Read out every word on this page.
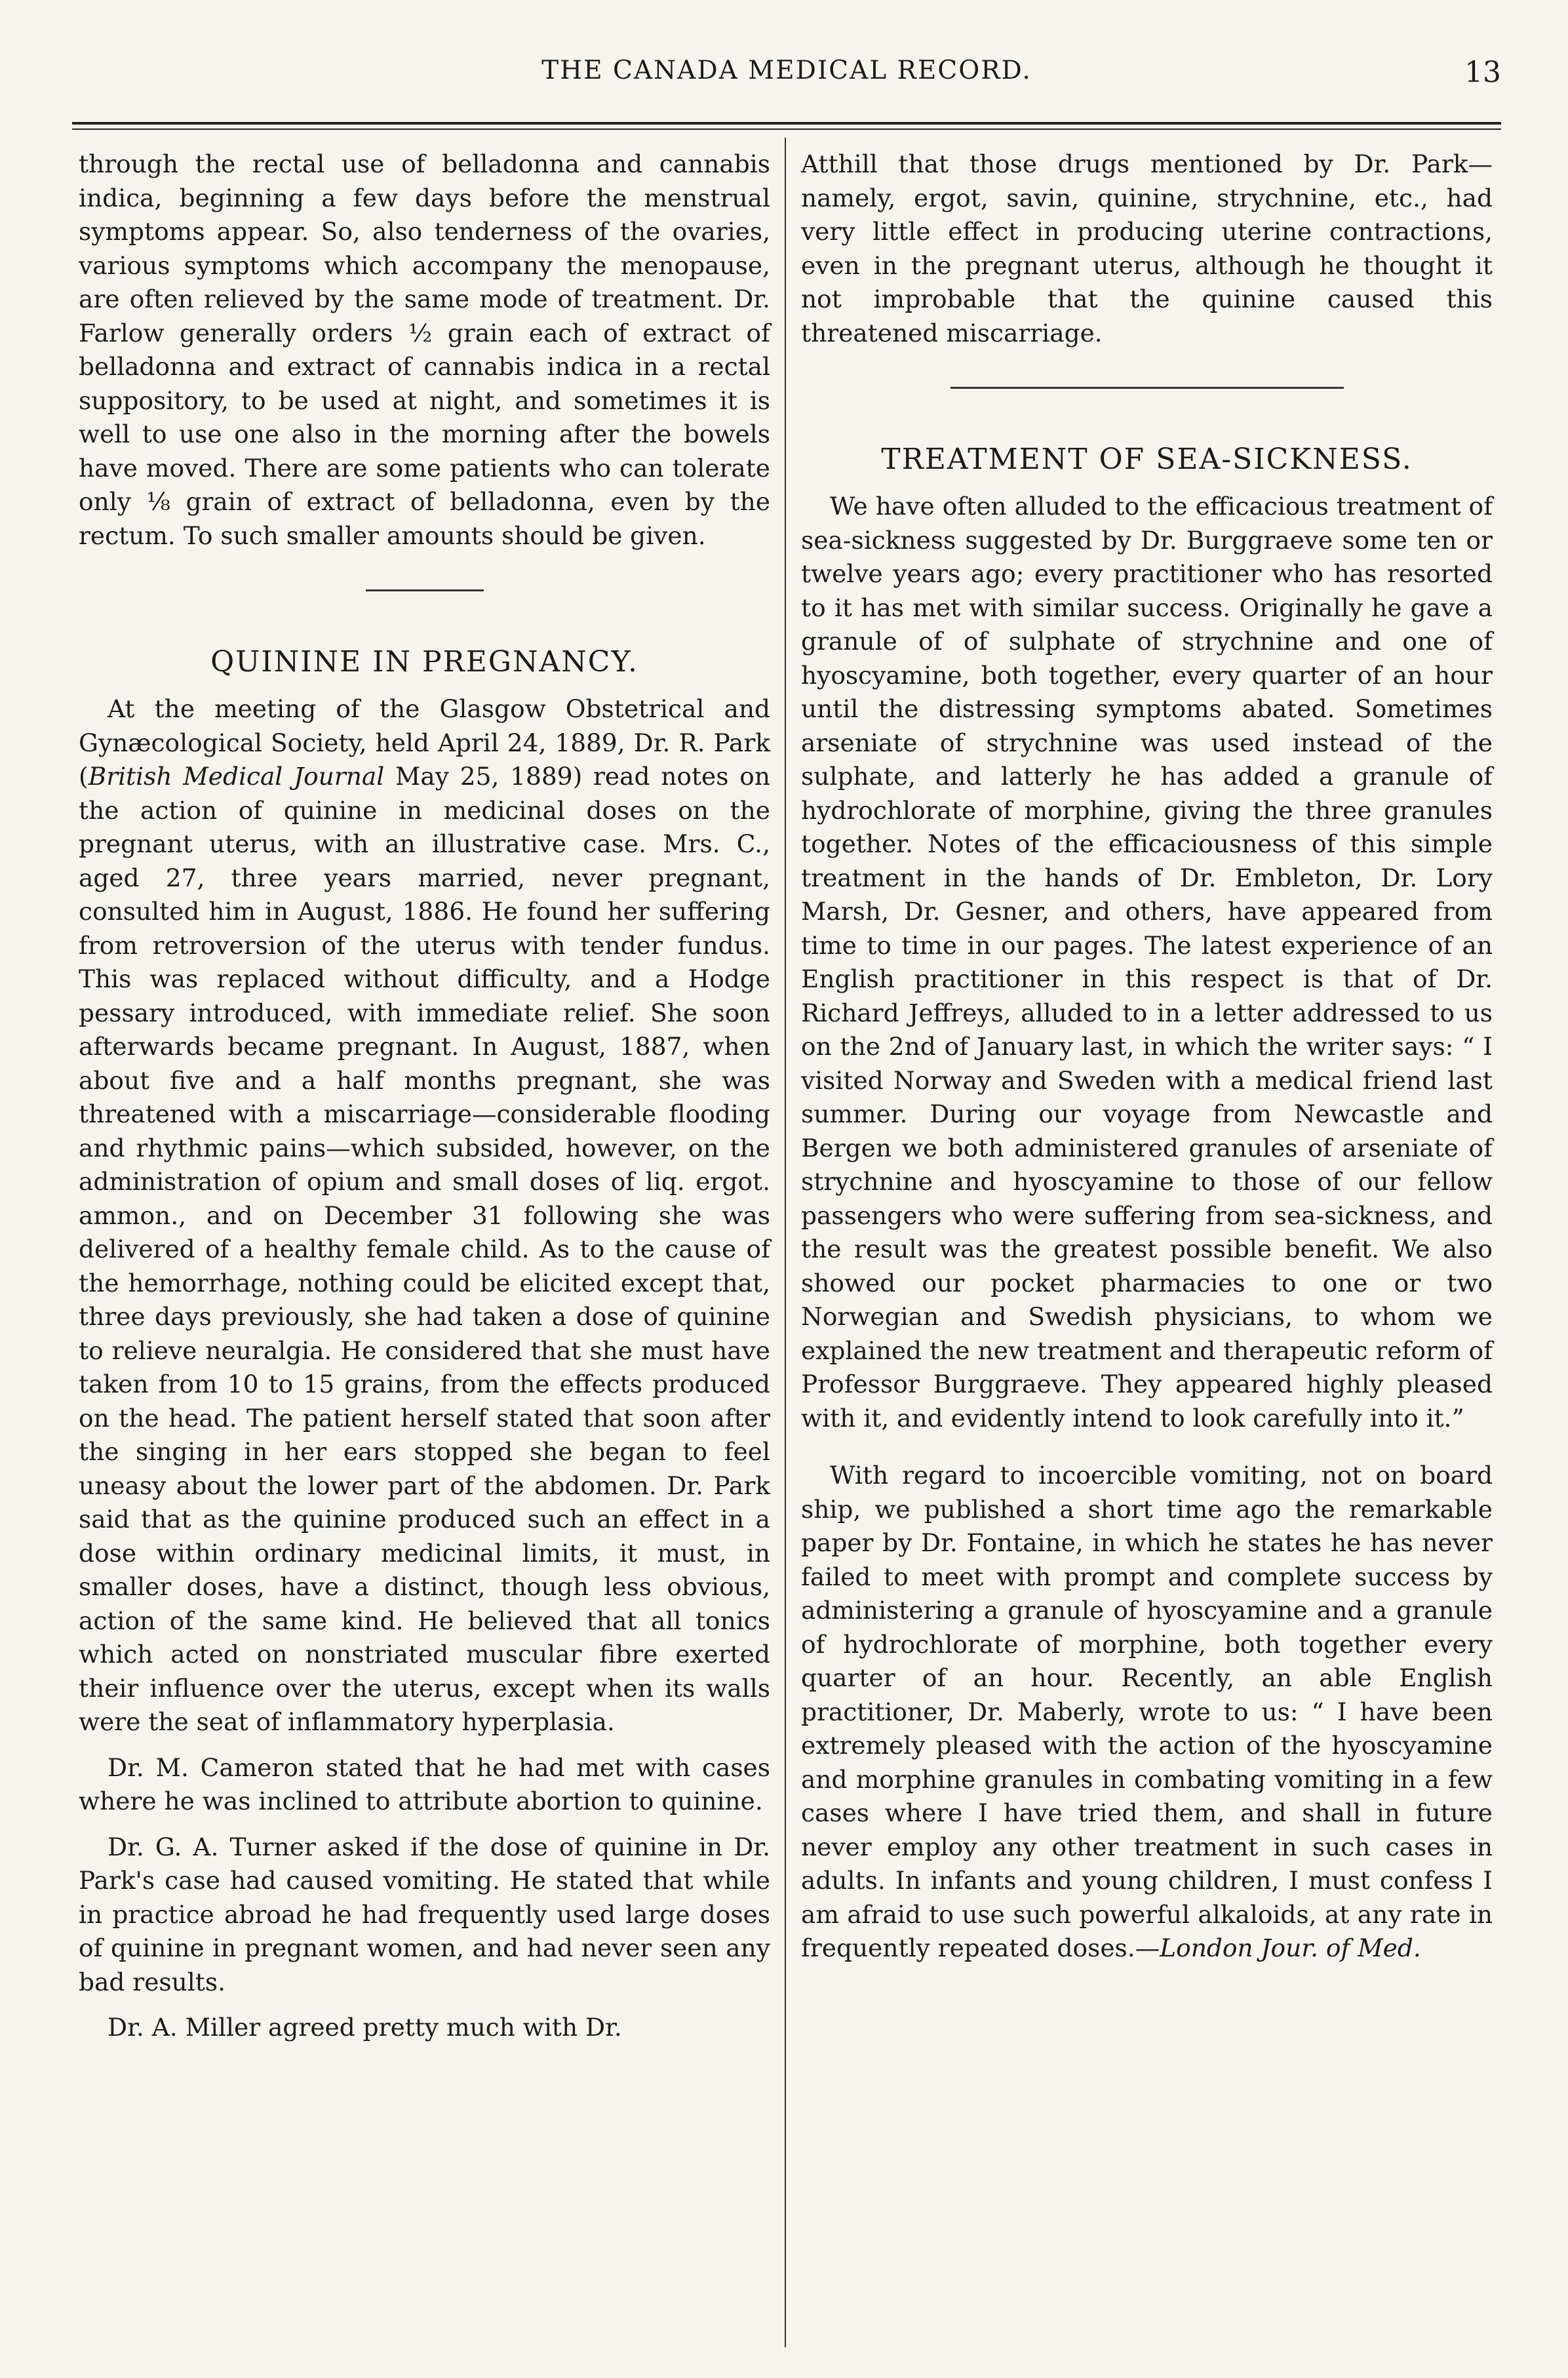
THE CANADA MEDICAL RECORD.	13

through the rectal use of belladonna and cannabis indica, beginning a few days before the menstrual symptoms appear. So, also tenderness of the ovaries, various symptoms which accompany the menopause, are often relieved by the same mode of treatment. Dr. Farlow generally orders ½ grain each of extract of belladonna and extract of cannabis indica in a rectal suppository, to be used at night, and sometimes it is well to use one also in the morning after the bowels have moved. There are some patients who can tolerate only ⅛ grain of extract of belladonna, even by the rectum. To such smaller amounts should be given.

QUININE IN PREGNANCY.

At the meeting of the Glasgow Obstetrical and Gynæcological Society, held April 24, 1889, Dr. R. Park (British Medical Journal May 25, 1889) read notes on the action of quinine in medicinal doses on the pregnant uterus, with an illustrative case. Mrs. C., aged 27, three years married, never pregnant, consulted him in August, 1886. He found her suffering from retroversion of the uterus with tender fundus. This was replaced without difficulty, and a Hodge pessary introduced, with immediate relief. She soon afterwards became pregnant. In August, 1887, when about five and a half months pregnant, she was threatened with a miscarriage—considerable flooding and rhythmic pains—which subsided, however, on the administration of opium and small doses of liq. ergot. ammon., and on December 31 following she was delivered of a healthy female child. As to the cause of the hemorrhage, nothing could be elicited except that, three days previously, she had taken a dose of quinine to relieve neuralgia. He considered that she must have taken from 10 to 15 grains, from the effects produced on the head. The patient herself stated that soon after the singing in her ears stopped she began to feel uneasy about the lower part of the abdomen. Dr. Park said that as the quinine produced such an effect in a dose within ordinary medicinal limits, it must, in smaller doses, have a distinct, though less obvious, action of the same kind. He believed that all tonics which acted on nonstriated muscular fibre exerted their influence over the uterus, except when its walls were the seat of inflammatory hyperplasia.

Dr. M. Cameron stated that he had met with cases where he was inclined to attribute abortion to quinine.

Dr. G. A. Turner asked if the dose of quinine in Dr. Park's case had caused vomiting. He stated that while in practice abroad he had frequently used large doses of quinine in pregnant women, and had never seen any bad results.

Dr. A. Miller agreed pretty much with Dr.

Atthill that those drugs mentioned by Dr. Park—namely, ergot, savin, quinine, strychnine, etc., had very little effect in producing uterine contractions, even in the pregnant uterus, although he thought it not improbable that the quinine caused this threatened miscarriage.

TREATMENT OF SEA-SICKNESS.

We have often alluded to the efficacious treatment of sea-sickness suggested by Dr. Burggraeve some ten or twelve years ago; every practitioner who has resorted to it has met with similar success. Originally he gave a granule of of sulphate of strychnine and one of hyoscyamine, both together, every quarter of an hour until the distressing symptoms abated. Sometimes arseniate of strychnine was used instead of the sulphate, and latterly he has added a granule of hydrochlorate of morphine, giving the three granules together. Notes of the efficaciousness of this simple treatment in the hands of Dr. Embleton, Dr. Lory Marsh, Dr. Gesner, and others, have appeared from time to time in our pages. The latest experience of an English practitioner in this respect is that of Dr. Richard Jeffreys, alluded to in a letter addressed to us on the 2nd of January last, in which the writer says: “ I visited Norway and Sweden with a medical friend last summer. During our voyage from Newcastle and Bergen we both administered granules of arseniate of strychnine and hyoscyamine to those of our fellow passengers who were suffering from sea-sickness, and the result was the greatest possible benefit. We also showed our pocket pharmacies to one or two Norwegian and Swedish physicians, to whom we explained the new treatment and therapeutic reform of Professor Burggraeve. They appeared highly pleased with it, and evidently intend to look carefully into it.”

With regard to incoercible vomiting, not on board ship, we published a short time ago the remarkable paper by Dr. Fontaine, in which he states he has never failed to meet with prompt and complete success by administering a granule of hyoscyamine and a granule of hydrochlorate of morphine, both together every quarter of an hour. Recently, an able English practitioner, Dr. Maberly, wrote to us: “ I have been extremely pleased with the action of the hyoscyamine and morphine granules in combating vomiting in a few cases where I have tried them, and shall in future never employ any other treatment in such cases in adults. In infants and young children, I must confess I am afraid to use such powerful alkaloids, at any rate in frequently repeated doses.—London Jour. of Med.
